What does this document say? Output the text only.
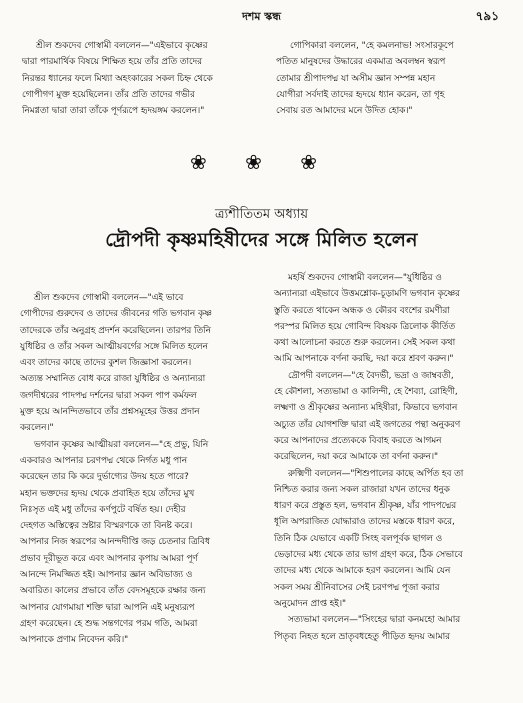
দশম স্কন্ধ	৭৯১

শ্রীল শুকদেব গোস্বামী বললেন—"এইভাবে কৃষ্ণের

দ্বারা পারমার্থিক বিষয়ে শিক্ষিত হয়ে তাঁর প্রতি তাদের

নিরন্তর ধ্যানের ফলে মিথ্যা অহংকারের সকল চিহ্ন থেকে

গোপীগণ মুক্ত হয়েছিলেন। তাঁর প্রতি তাদের গভীর

নিমগ্নতা দ্বারা তারা তাঁকে পূর্ণরূপে হৃদয়ঙ্গম করলেন।"

গোপিকারা বললেন, "হে কমলনাভ! সংসারকূপে

পতিত মানুষদের উদ্ধারের একমাত্র অবলম্বন স্বরূপ

তোমার শ্রীপাদপদ্ম যা অসীম জ্ঞান সম্পন্ন মহান

যোগীরা সর্বদাই তাদের হৃদয়ে ধ্যান করেন, তা গৃহ

সেবায় রত আমাদের মনে উদিত হোক।"

❀ ❀ ❀
ত্র্যশীতিতম অধ্যায়
দ্রৌপদী কৃষ্ণমহিষীদের সঙ্গে মিলিত হলেন

শ্রীল শুকদেব গোস্বামী বললেন—"এই ভাবে

গোপীদের গুরুদেব ও তাদের জীবনের গতি ভগবান কৃষ্ণ

তাদেরকে তাঁর অনুগ্রহ প্রদর্শন করেছিলেন। তারপর তিনি

যুধিষ্ঠির ও তাঁর সকল আত্মীয়বর্গের সঙ্গে মিলিত হলেন

এবং তাদের কাছে তাদের কুশল জিজ্ঞাসা করলেন।

অত্যন্ত সম্মানিত বোধ করে রাজা যুধিষ্ঠির ও অন্যান্যরা

জগদীশ্বরের পাদপদ্ম দর্শনের দ্বারা সকল পাপ কর্মফল

মুক্ত হয়ে আনন্দিতভাবে তাঁর প্রশ্নসমূহের উত্তর প্রদান

করলেন।"

ভগবান কৃষ্ণের আত্মীয়রা বললেন—"হে প্রভু, যিনি

একবারও আপনার চরণপদ্ম থেকে নির্গত মধু পান

করেছেন তার কি করে দুর্ভাগ্যের উদয় হতে পারে?

মহান ভক্তদের হৃদয় থেকে প্রবাহিত হয়ে তাঁদের মুখ

নিঃসৃত এই মধু তাঁদের কর্ণপুটে বর্ষিত হয়। দেহীর

দেহগত অস্তিত্বের স্রষ্টার বিস্মরণকে তা বিনষ্ট করে।

আপনার নিজ স্বরূপের আনন্দদীপ্তি জড় চেতনার ত্রিবিধ

প্রভাব দূরীভূত করে এবং আপনার কৃপায় আমরা পূর্ণ

আনন্দে নিমজ্জিত হই। আপনার জ্ঞান অবিভাজ্য ও

অবারিত। কালের প্রভাবে তাঁত বেদসমূহকে রক্ষার জন্য

আপনার যোগমায়া শক্তি দ্বারা আপনি এই মনুষ্যরূপ

গ্রহণ করেছেন। হে শুদ্ধ সন্তগণের পরম গতি, আমরা

আপনাকে প্রণাম নিবেদন করি।"

মহর্ষি শুকদেব গোস্বামী বললেন—"যুধিষ্ঠির ও

অন্যান্যরা এইভাবে উত্তমশ্লোক-চূড়ামণি ভগবান কৃষ্ণের

স্তুতি করতে থাকেন অন্ধক ও কৌরব বংশের রমণীরা

পরস্পর মিলিত হয়ে গোবিন্দ বিষয়ক ত্রিলোক কীর্তিত

কথা আলোচনা করতে শুরু করলেন। সেই সকল কথা

আমি আপনাকে বর্ণনা করছি, দয়া করে শ্রবণ করুন।"

দ্রৌপদী বললেন—"হে বৈদর্ভী, ভদ্রা ও জাম্ববতী,

হে কৌশলা, সত্যভামা ও কালিন্দী, হে শৈব্যা, রোহিণী,

লক্ষ্মণা ও শ্রীকৃষ্ণের অন্যান্য মহিষীরা, কিভাবে ভগবান

অচ্যুত তাঁর যোগশক্তি দ্বারা এই জগতের পন্থা অনুকরণ

করে আপনাদের প্রত্যেককে বিবাহ করতে আগমন

করেছিলেন, দয়া করে আমাকে তা বর্ণনা করুন।"

রুক্মিণী বললেন—"শিশুপালের কাছে অর্পিত হব তা

নিশ্চিত করার জন্য সকল রাজারা যখন তাদের ধনুক

ধারণ করে প্রস্তুত হল, ভগবান শ্রীকৃষ্ণ, যাঁর পাদপদ্মের

ধূলি অপরাজিত যোদ্ধারাও তাদের মস্তকে ধারণ করে,

তিনি ঠিক যেভাবে একটি সিংহ বলপূর্বক ছাগল ও

ভেড়াদের মধ্য থেকে তার ভাগ গ্রহণ করে, ঠিক সেভাবে

তাদের মধ্য থেকে আমাকে হরণ করলেন। আমি যেন

সকল সময় শ্রীনিবাসের সেই চরণপদ্ম পূজা করার

অনুমোদন প্রাপ্ত হই।"

সত্যভামা বললেন—"সিংহের দ্বারা কনমহো আমার

পিতৃব্য নিহত হলে ভ্রাতৃবধহেতু পীড়িত হৃদয় আমার
